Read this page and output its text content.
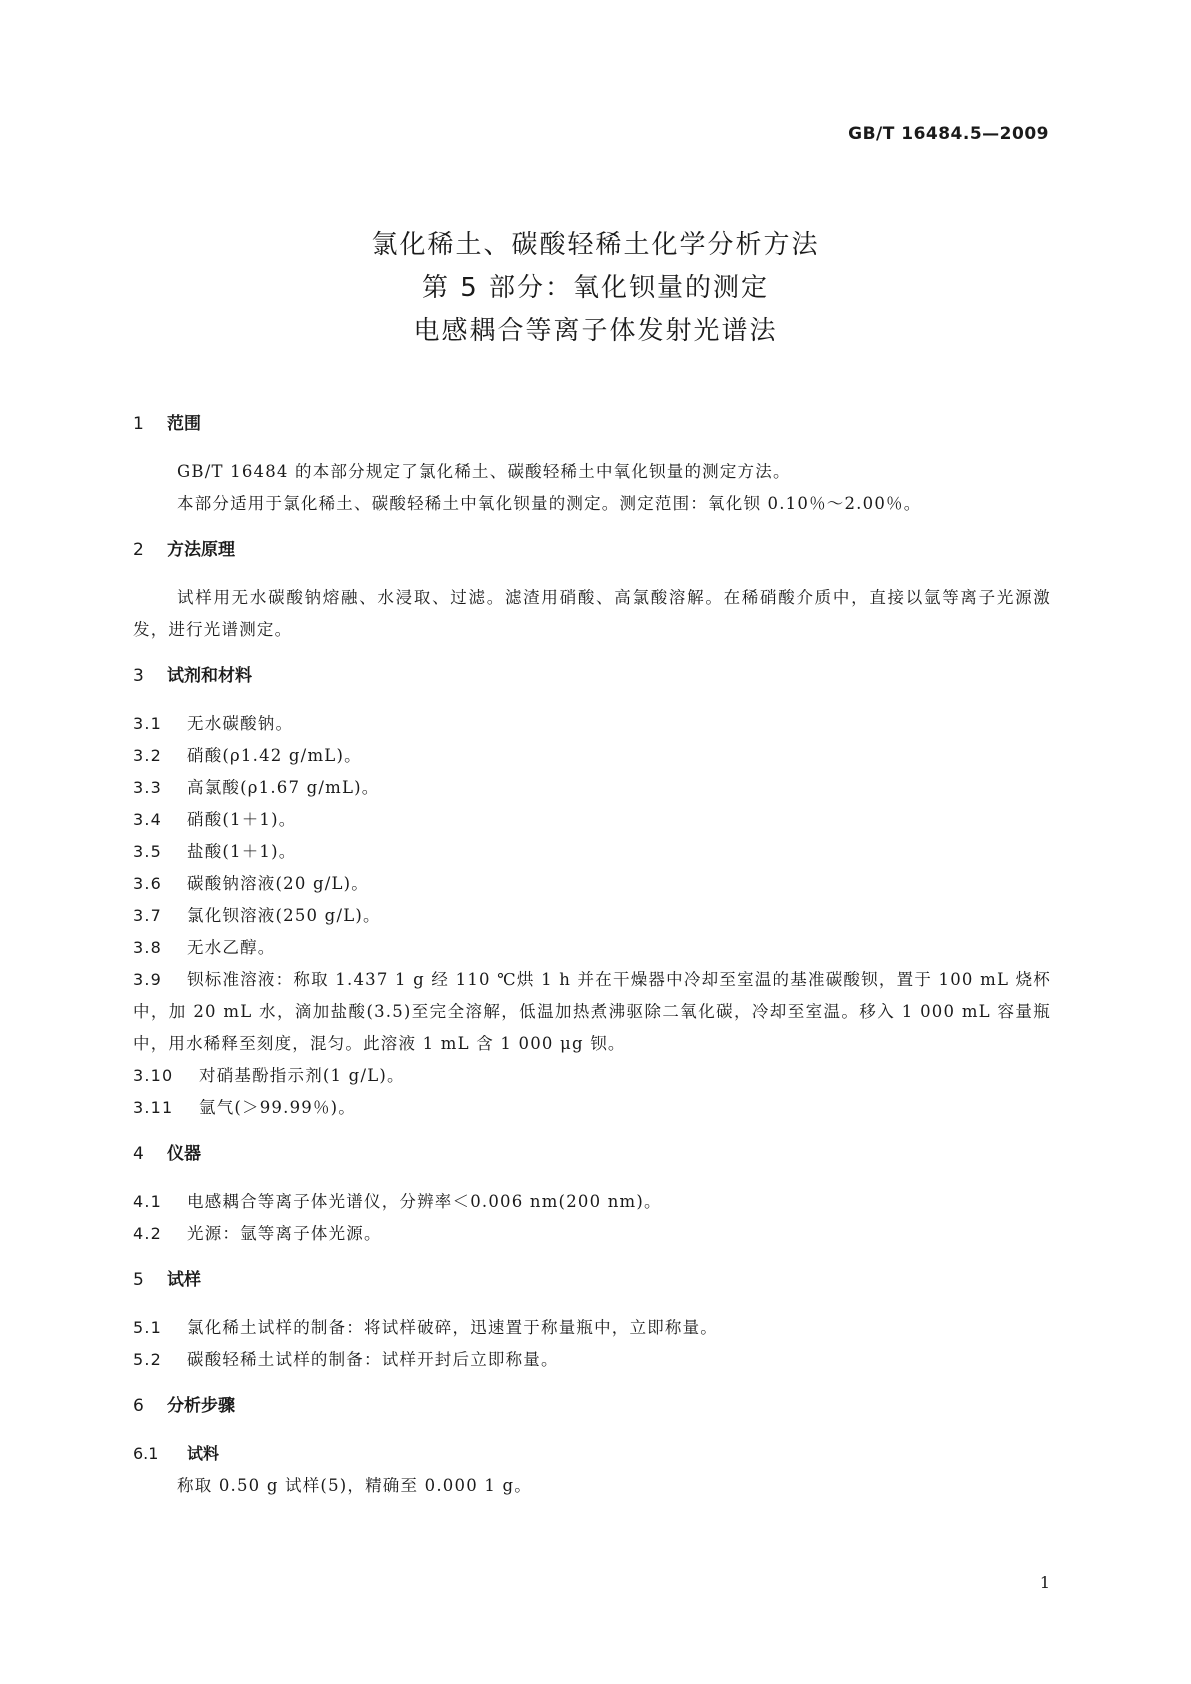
GB/T 16484.5—2009
氯化稀土、碳酸轻稀土化学分析方法
第 5 部分：氧化钡量的测定
电感耦合等离子体发射光谱法
1 范围
GB/T 16484 的本部分规定了氯化稀土、碳酸轻稀土中氧化钡量的测定方法。
本部分适用于氯化稀土、碳酸轻稀土中氧化钡量的测定。测定范围：氧化钡 0.10％～2.00％。
2 方法原理
试样用无水碳酸钠熔融、水浸取、过滤。滤渣用硝酸、高氯酸溶解。在稀硝酸介质中，直接以氩等离子光源激发，进行光谱测定。
3 试剂和材料
3.1 无水碳酸钠。
3.2 硝酸(ρ1.42 g/mL)。
3.3 高氯酸(ρ1.67 g/mL)。
3.4 硝酸(1＋1)。
3.5 盐酸(1＋1)。
3.6 碳酸钠溶液(20 g/L)。
3.7 氯化钡溶液(250 g/L)。
3.8 无水乙醇。
3.9 钡标准溶液：称取 1.437 1 g 经 110 ℃烘 1 h 并在干燥器中冷却至室温的基准碳酸钡，置于 100 mL 烧杯中，加 20 mL 水，滴加盐酸(3.5)至完全溶解，低温加热煮沸驱除二氧化碳，冷却至室温。移入 1 000 mL 容量瓶中，用水稀释至刻度，混匀。此溶液 1 mL 含 1 000 μg 钡。
3.10 对硝基酚指示剂(1 g/L)。
3.11 氩气(＞99.99％)。
4 仪器
4.1 电感耦合等离子体光谱仪，分辨率＜0.006 nm(200 nm)。
4.2 光源：氩等离子体光源。
5 试样
5.1 氯化稀土试样的制备：将试样破碎，迅速置于称量瓶中，立即称量。
5.2 碳酸轻稀土试样的制备：试样开封后立即称量。
6 分析步骤
6.1 试料
称取 0.50 g 试样(5)，精确至 0.000 1 g。
1
